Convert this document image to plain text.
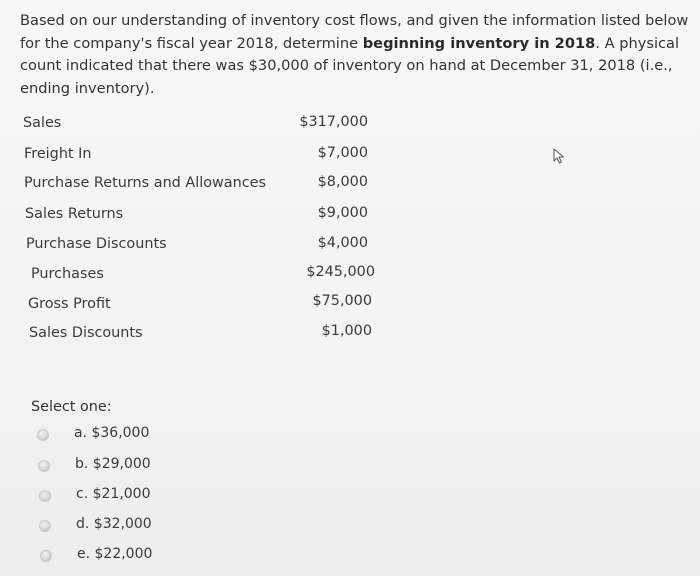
Based on our understanding of inventory cost flows, and given the information listed below for the company's fiscal year 2018, determine beginning inventory in 2018. A physical count indicated that there was $30,000 of inventory on hand at December 31, 2018 (i.e., ending inventory).
Sales	$317,000
Freight In	$7,000
Purchase Returns and Allowances	$8,000
Sales Returns	$9,000
Purchase Discounts	$4,000
Purchases	$245,000
Gross Profit	$75,000
Sales Discounts	$1,000
Select one:
a. $36,000
b. $29,000
c. $21,000
d. $32,000
e. $22,000
